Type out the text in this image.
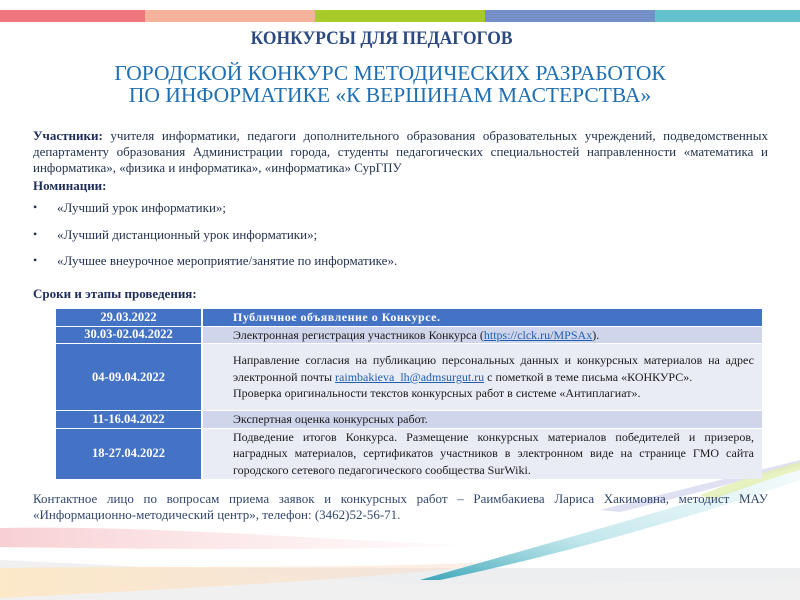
КОНКУРСЫ ДЛЯ ПЕДАГОГОВ
ГОРОДСКОЙ КОНКУРС МЕТОДИЧЕСКИХ РАЗРАБОТОК
ПО ИНФОРМАТИКЕ «К ВЕРШИНАМ МАСТЕРСТВА»
Участники: учителя информатики, педагоги дополнительного образования образовательных учреждений, подведомственных департаменту образования Администрации города, студенты педагогических специальностей направленности «математика и информатика», «физика и информатика», «информатика» СурГПУ
Номинации:
•	«Лучший урок информатики»;
•	«Лучший дистанционный урок информатики»;
•	«Лучшее внеурочное мероприятие/занятие по информатике».
Сроки и этапы проведения:
29.03.2022	Публичное объявление о Конкурсе.
30.03-02.04.2022	Электронная регистрация участников Конкурса (https://clck.ru/MPSAx).
04-09.04.2022	Направление согласия на публикацию персональных данных и конкурсных материалов на адрес электронной почты raimbakieva_lh@admsurgut.ru с пометкой в теме письма «КОНКУРС».
Проверка оригинальности текстов конкурсных работ в системе «Антиплагиат».

11-16.04.2022	Экспертная оценка конкурсных работ.
18-27.04.2022	Подведение итогов Конкурса. Размещение конкурсных материалов победителей и призеров, наградных материалов, сертификатов участников в электронном виде на странице ГМО сайта городского сетевого педагогического сообщества SurWiki.
Контактное лицо по вопросам приема заявок и конкурсных работ – Раимбакиева Лариса Хакимовна, методист МАУ «Информационно-методический центр», телефон: (3462)52-56-71.
